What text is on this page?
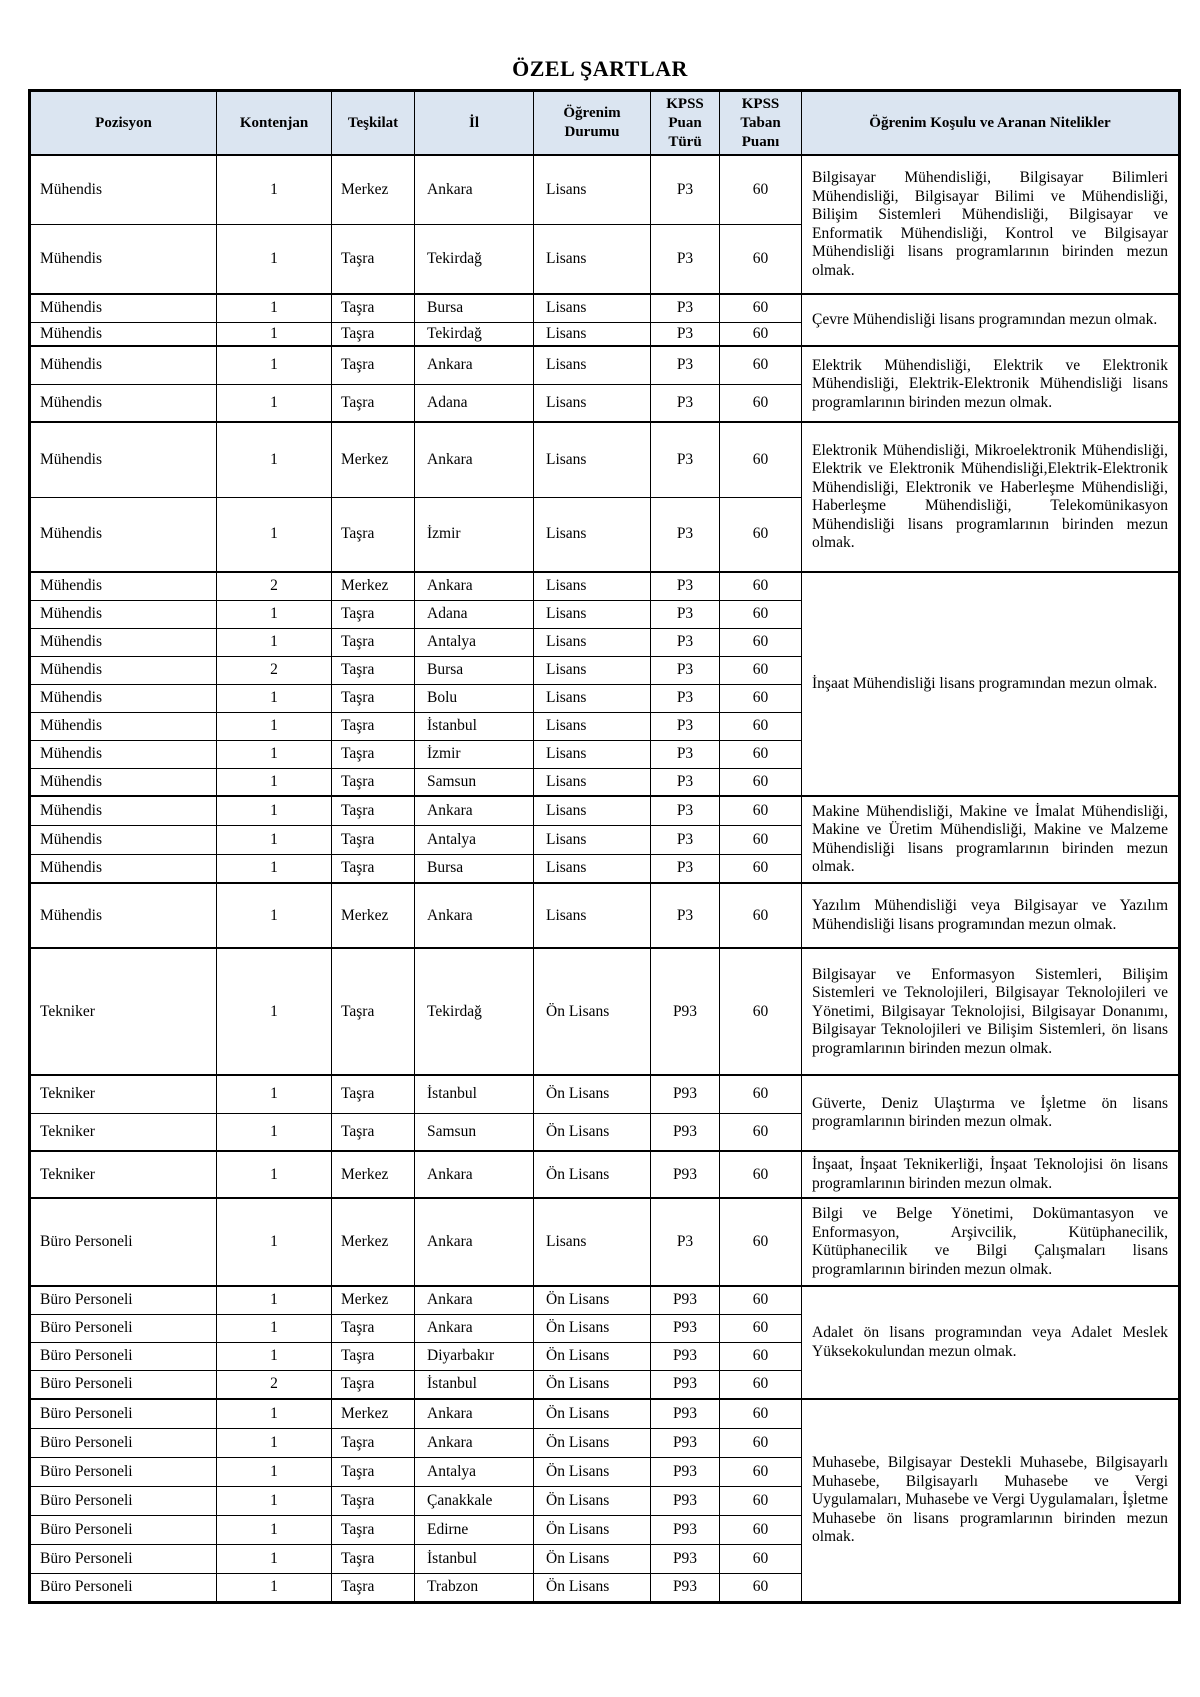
ÖZEL ŞARTLAR
Pozisyon	Kontenjan	Teşkilat	İl	Öğrenim Durumu	KPSS Puan Türü	KPSS Taban Puanı	Öğrenim Koşulu ve Aranan Nitelikler
Mühendis	1	Merkez	Ankara	Lisans	P3	60	Bilgisayar Mühendisliği, Bilgisayar Bilimleri Mühendisliği, Bilgisayar Bilimi ve Mühendisliği, Bilişim Sistemleri Mühendisliği, Bilgisayar ve Enformatik Mühendisliği, Kontrol ve Bilgisayar Mühendisliği lisans programlarının birinden mezun olmak.
Mühendis	1	Taşra	Tekirdağ	Lisans	P3	60	
Mühendis	1	Taşra	Bursa	Lisans	P3	60	Çevre Mühendisliği lisans programından mezun olmak.
Mühendis	1	Taşra	Tekirdağ	Lisans	P3	60	
Mühendis	1	Taşra	Ankara	Lisans	P3	60	Elektrik Mühendisliği, Elektrik ve Elektronik Mühendisliği, Elektrik-Elektronik Mühendisliği lisans programlarının birinden mezun olmak.
Mühendis	1	Taşra	Adana	Lisans	P3	60	
Mühendis	1	Merkez	Ankara	Lisans	P3	60	Elektronik Mühendisliği, Mikroelektronik Mühendisliği, Elektrik ve Elektronik Mühendisliği,Elektrik-Elektronik Mühendisliği, Elektronik ve Haberleşme Mühendisliği, Haberleşme Mühendisliği, Telekomünikasyon Mühendisliği lisans programlarının birinden mezun olmak.
Mühendis	1	Taşra	İzmir	Lisans	P3	60	
Mühendis	2	Merkez	Ankara	Lisans	P3	60	İnşaat Mühendisliği lisans programından mezun olmak.
Mühendis	1	Taşra	Adana	Lisans	P3	60	
Mühendis	1	Taşra	Antalya	Lisans	P3	60	
Mühendis	2	Taşra	Bursa	Lisans	P3	60	
Mühendis	1	Taşra	Bolu	Lisans	P3	60	
Mühendis	1	Taşra	İstanbul	Lisans	P3	60	
Mühendis	1	Taşra	İzmir	Lisans	P3	60	
Mühendis	1	Taşra	Samsun	Lisans	P3	60	
Mühendis	1	Taşra	Ankara	Lisans	P3	60	Makine Mühendisliği, Makine ve İmalat Mühendisliği, Makine ve Üretim Mühendisliği, Makine ve Malzeme Mühendisliği lisans programlarının birinden mezun olmak.
Mühendis	1	Taşra	Antalya	Lisans	P3	60	
Mühendis	1	Taşra	Bursa	Lisans	P3	60	
Mühendis	1	Merkez	Ankara	Lisans	P3	60	Yazılım Mühendisliği veya Bilgisayar ve Yazılım Mühendisliği lisans programından mezun olmak.
Tekniker	1	Taşra	Tekirdağ	Ön Lisans	P93	60	Bilgisayar ve Enformasyon Sistemleri, Bilişim Sistemleri ve Teknolojileri, Bilgisayar Teknolojileri ve Yönetimi, Bilgisayar Teknolojisi, Bilgisayar Donanımı, Bilgisayar Teknolojileri ve Bilişim Sistemleri, ön lisans programlarının birinden mezun olmak.
Tekniker	1	Taşra	İstanbul	Ön Lisans	P93	60	Güverte, Deniz Ulaştırma ve İşletme ön lisans programlarının birinden mezun olmak.
Tekniker	1	Taşra	Samsun	Ön Lisans	P93	60	
Tekniker	1	Merkez	Ankara	Ön Lisans	P93	60	İnşaat, İnşaat Teknikerliği, İnşaat Teknolojisi ön lisans programlarının birinden mezun olmak.
Büro Personeli	1	Merkez	Ankara	Lisans	P3	60	Bilgi ve Belge Yönetimi, Dokümantasyon ve Enformasyon, Arşivcilik, Kütüphanecilik, Kütüphanecilik ve Bilgi Çalışmaları lisans programlarının birinden mezun olmak.
Büro Personeli	1	Merkez	Ankara	Ön Lisans	P93	60	Adalet ön lisans programından veya Adalet Meslek Yüksekokulundan mezun olmak.
Büro Personeli	1	Taşra	Ankara	Ön Lisans	P93	60	
Büro Personeli	1	Taşra	Diyarbakır	Ön Lisans	P93	60	
Büro Personeli	2	Taşra	İstanbul	Ön Lisans	P93	60	
Büro Personeli	1	Merkez	Ankara	Ön Lisans	P93	60	Muhasebe, Bilgisayar Destekli Muhasebe, Bilgisayarlı Muhasebe, Bilgisayarlı Muhasebe ve Vergi Uygulamaları, Muhasebe ve Vergi Uygulamaları, İşletme Muhasebe ön lisans programlarının birinden mezun olmak.
Büro Personeli	1	Taşra	Ankara	Ön Lisans	P93	60	
Büro Personeli	1	Taşra	Antalya	Ön Lisans	P93	60	
Büro Personeli	1	Taşra	Çanakkale	Ön Lisans	P93	60	
Büro Personeli	1	Taşra	Edirne	Ön Lisans	P93	60	
Büro Personeli	1	Taşra	İstanbul	Ön Lisans	P93	60	
Büro Personeli	1	Taşra	Trabzon	Ön Lisans	P93	60	
